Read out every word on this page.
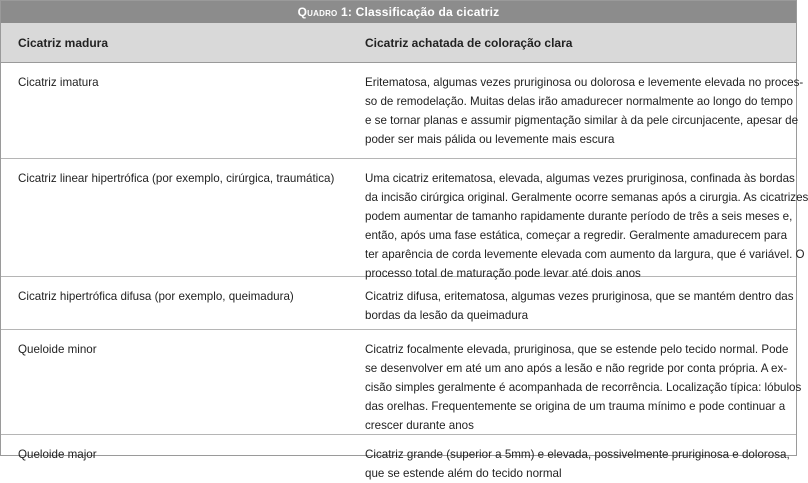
Quadro 1:
Classificação da cicatriz
Cicatriz madura	Cicatriz achatada de coloração clara
Cicatriz imatura	Eritematosa, algumas vezes pruriginosa ou dolorosa e levemente elevada no proces-
so de remodelação. Muitas delas irão amadurecer normalmente ao longo do tempo
e se tornar planas e assumir pigmentação similar à da pele circunjacente, apesar de
poder ser mais pálida ou levemente mais escura
Cicatriz linear hipertrófica (por exemplo, cirúrgica, traumática)	Uma cicatriz eritematosa, elevada, algumas vezes pruriginosa, confinada às bordas
da incisão cirúrgica original. Geralmente ocorre semanas após a cirurgia. As cicatrizes
podem aumentar de tamanho rapidamente durante período de três a seis meses e,
então, após uma fase estática, começar a regredir. Geralmente amadurecem para
ter aparência de corda levemente elevada com aumento da largura, que é variável. O
processo total de maturação pode levar até dois anos
Cicatriz hipertrófica difusa (por exemplo, queimadura)	Cicatriz difusa, eritematosa, algumas vezes pruriginosa, que se mantém dentro das
bordas da lesão da queimadura
Queloide minor	Cicatriz focalmente elevada, pruriginosa, que se estende pelo tecido normal. Pode
se desenvolver em até um ano após a lesão e não regride por conta própria. A ex-
cisão simples geralmente é acompanhada de recorrência. Localização típica: lóbulos
das orelhas. Frequentemente se origina de um trauma mínimo e pode continuar a
crescer durante anos
Queloide major	Cicatriz grande (superior a 5mm) e elevada, possivelmente pruriginosa e dolorosa,
que se estende além do tecido normal
